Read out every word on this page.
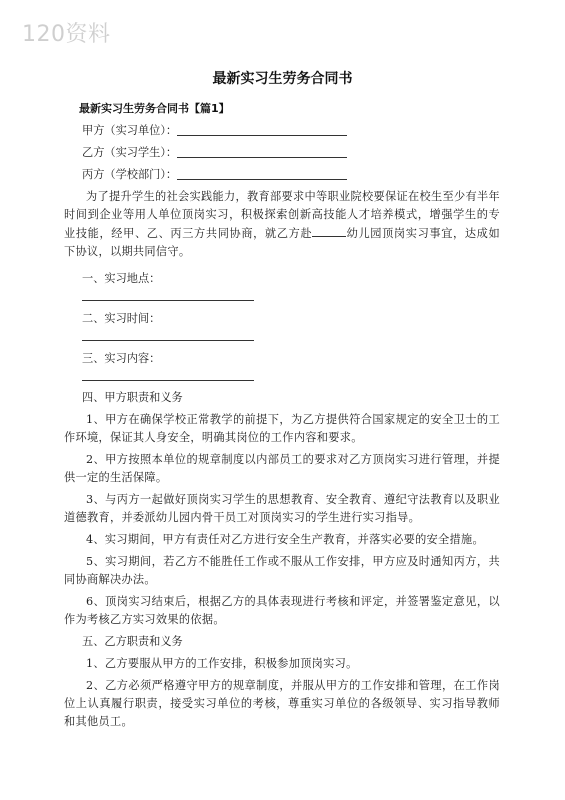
120资料
最新实习生劳务合同书
最新实习生劳务合同书【篇1】
甲方（实习单位）：
乙方（实习学生）：
丙方（学校部门）：

为了提升学生的社会实践能力，教育部要求中等职业院校要保证在校生至少有半年时间到企业等用人单位顶岗实习，积极探索创新高技能人才培养模式，增强学生的专业技能，经甲、乙、丙三方共同协商，就乙方赴	幼儿园顶岗实习事宜，达成如下协议，以期共同信守。

一、实习地点：
二、实习时间：
三、实习内容：
四、甲方职责和义务

1、甲方在确保学校正常教学的前提下，为乙方提供符合国家规定的安全卫士的工作环境，保证其人身安全，明确其岗位的工作内容和要求。

2、甲方按照本单位的规章制度以内部员工的要求对乙方顶岗实习进行管理，并提供一定的生活保障。

3、与丙方一起做好顶岗实习学生的思想教育、安全教育、遵纪守法教育以及职业道德教育，并委派幼儿园内骨干员工对顶岗实习的学生进行实习指导。

4、实习期间，甲方有责任对乙方进行安全生产教育，并落实必要的安全措施。

5、实习期间，若乙方不能胜任工作或不服从工作安排，甲方应及时通知丙方，共同协商解决办法。

6、顶岗实习结束后，根据乙方的具体表现进行考核和评定，并签署鉴定意见，以作为考核乙方实习效果的依据。

五、乙方职责和义务

1、乙方要服从甲方的工作安排，积极参加顶岗实习。

2、乙方必须严格遵守甲方的规章制度，并服从甲方的工作安排和管理，在工作岗位上认真履行职责，接受实习单位的考核，尊重实习单位的各级领导、实习指导教师和其他员工。
